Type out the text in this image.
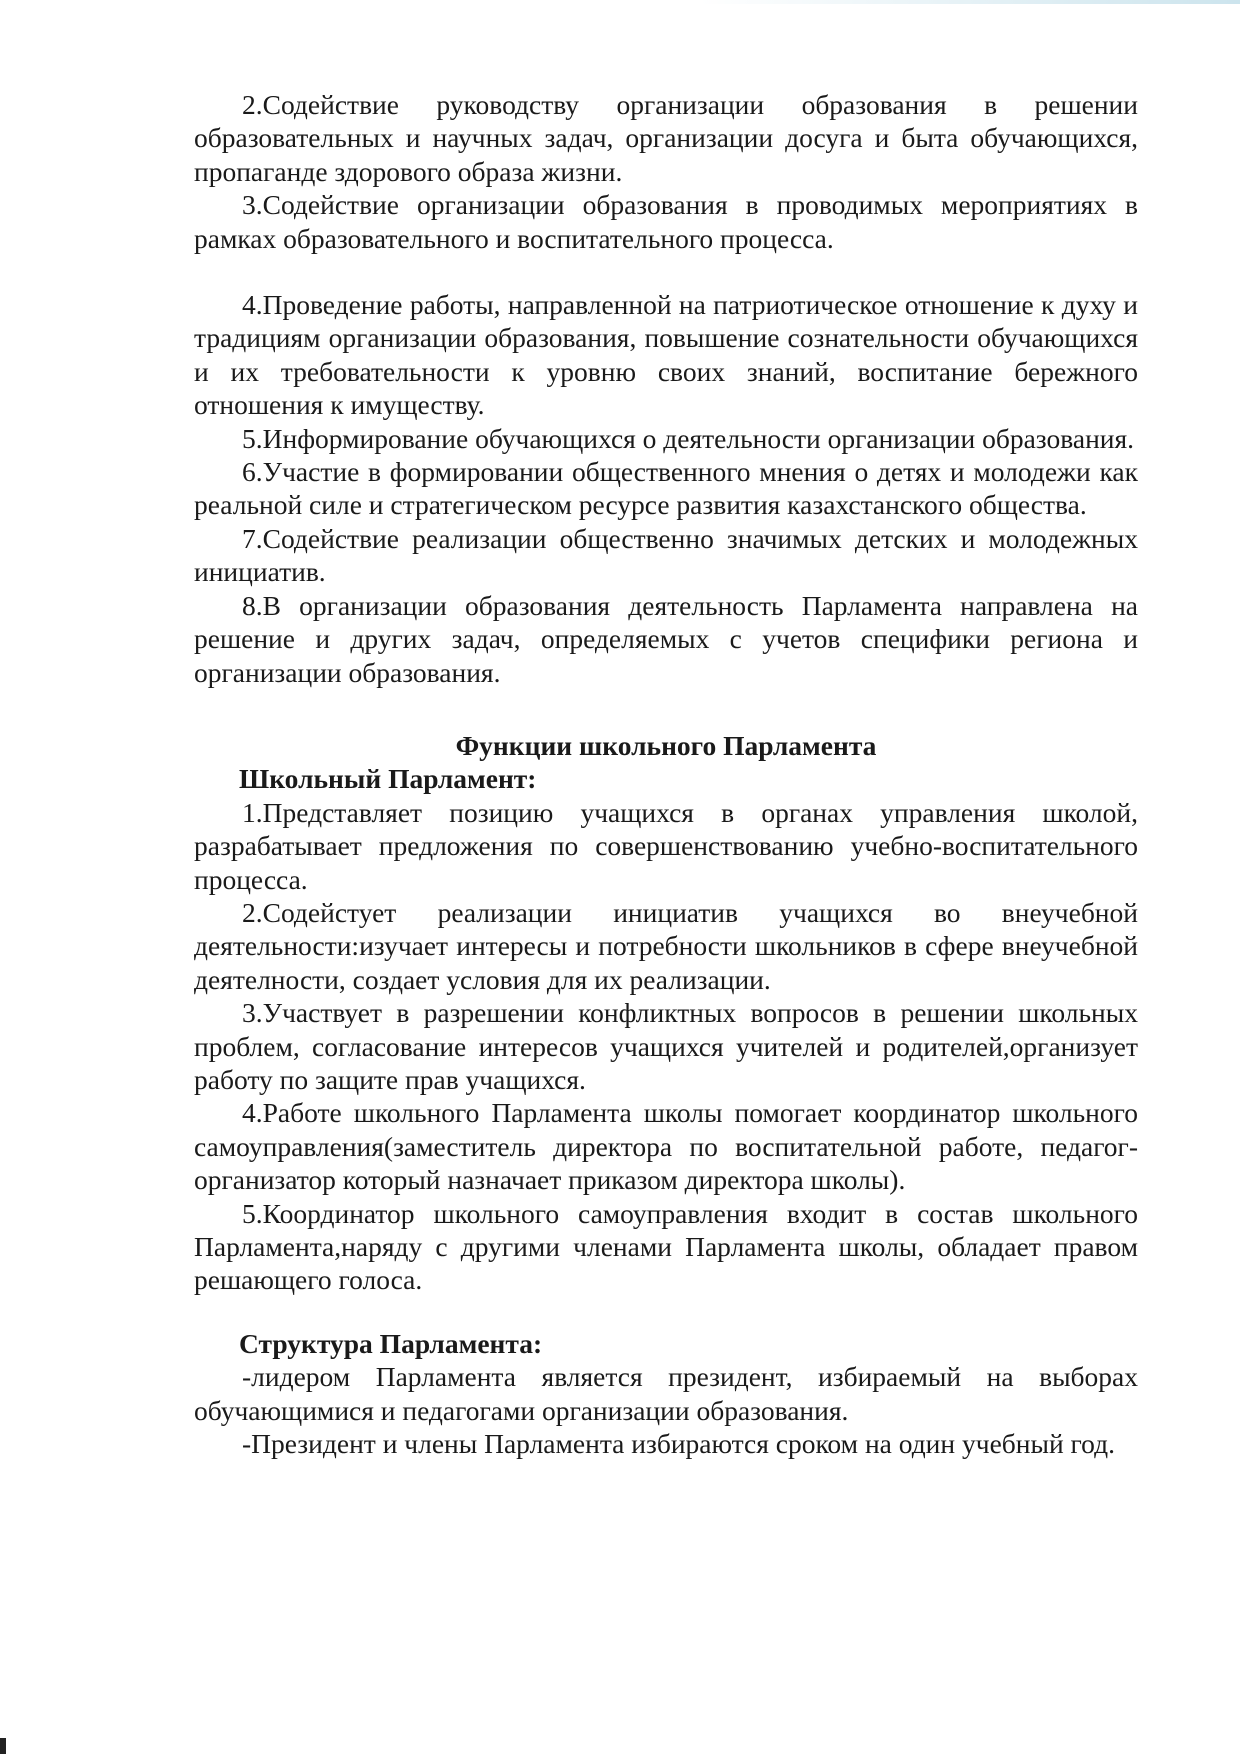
2.Содействие руководству организации образования в решении образовательных и научных задач, организации досуга и быта обучающихся, пропаганде здорового образа жизни.

3.Содействие организации образования в проводимых мероприятиях в рамках образовательного и воспитательного процесса.

4.Проведение работы, направленной на патриотическое отношение к духу и традициям организации образования, повышение сознательности обучающихся и их требовательности к уровню своих знаний, воспитание бережного отношения к имуществу.

5.Информирование обучающихся о деятельности организации образования.

6.Участие в формировании общественного мнения о детях и молодежи как реальной силе и стратегическом ресурсе развития казахстанского общества.

7.Содействие реализации общественно значимых детских и молодежных инициатив.

8.В организации образования деятельность Парламента направлена на решение и других задач, определяемых с учетов специфики региона и организации образования.

Функции школьного Парламента

Школьный Парламент:

1.Представляет позицию учащихся в органах управления школой, разрабатывает предложения по совершенствованию учебно-воспитательного процесса.

2.Содейстует реализации инициатив учащихся во внеучебной деятельности:изучает интересы и потребности школьников в сфере внеучебной деятелности, создает условия для их реализации.

3.Участвует в разрешении конфликтных вопросов в решении школьных проблем, согласование интересов учащихся учителей и родителей,организует работу по защите прав учащихся.

4.Работе школьного Парламента школы помогает координатор школьного самоуправления(заместитель директора по воспитательной работе, педагог-организатор который назначает приказом директора школы).

5.Координатор школьного самоуправления входит в состав школьного Парламента,наряду с другими членами Парламента школы, обладает правом решающего голоса.

Структура Парламента:

-лидером Парламента является президент, избираемый на выборах обучающимися и педагогами организации образования.

-Президент и члены Парламента избираются сроком на один учебный год.
